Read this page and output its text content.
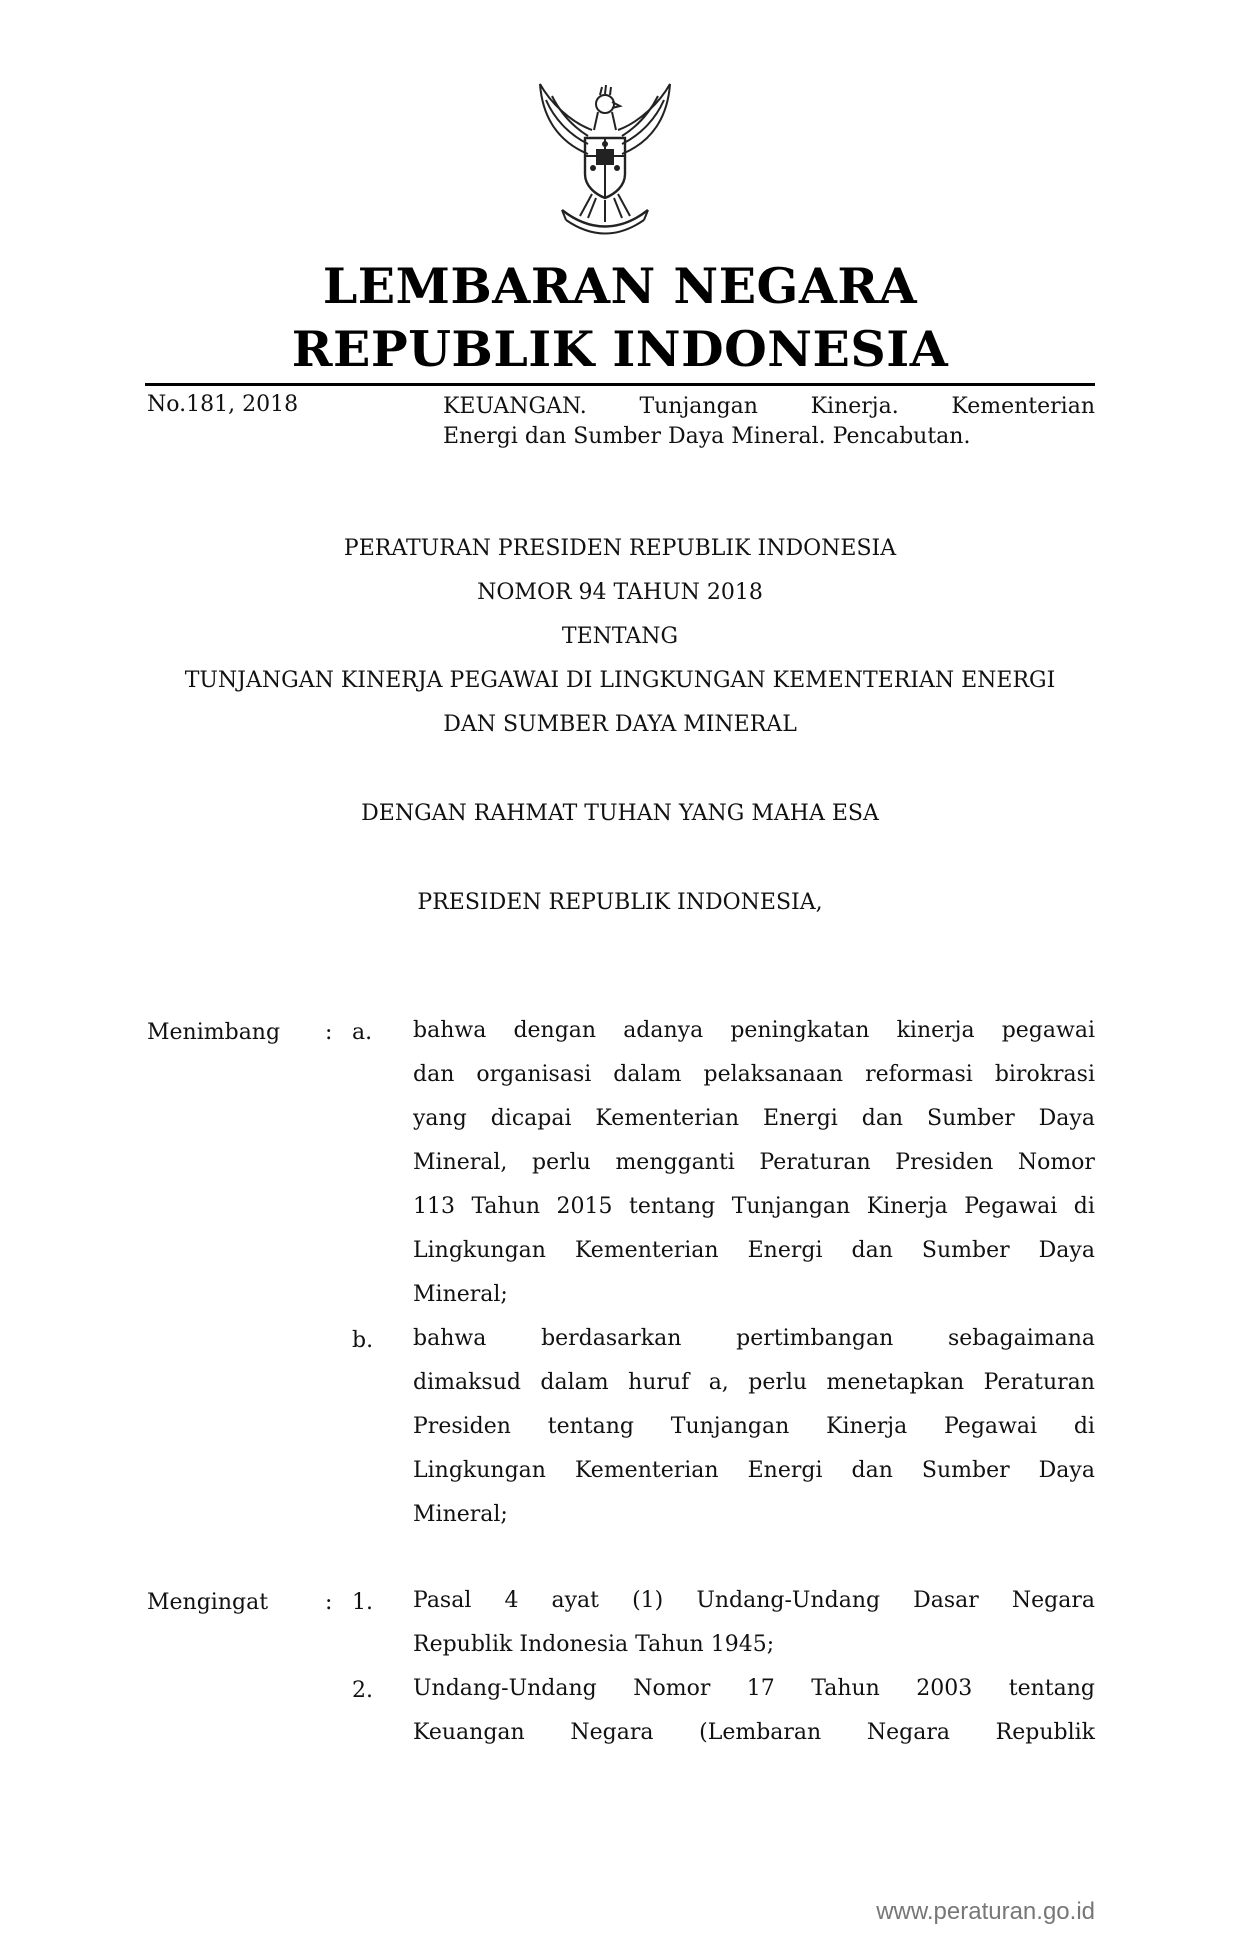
LEMBARAN NEGARA
REPUBLIK INDONESIA
No.181, 2018	KEUANGAN. Tunjangan Kinerja. Kementerian
Energi dan Sumber Daya Mineral. Pencabutan.
PERATURAN PRESIDEN REPUBLIK INDONESIA
NOMOR 94 TAHUN 2018
TENTANG
TUNJANGAN KINERJA PEGAWAI DI LINGKUNGAN KEMENTERIAN ENERGI
DAN SUMBER DAYA MINERAL
DENGAN RAHMAT TUHAN YANG MAHA ESA
PRESIDEN REPUBLIK INDONESIA,
Menimbang : a. bahwa dengan adanya peningkatan kinerja pegawai
dan organisasi dalam pelaksanaan reformasi birokrasi
yang dicapai Kementerian Energi dan Sumber Daya
Mineral, perlu mengganti Peraturan Presiden Nomor
113 Tahun 2015 tentang Tunjangan Kinerja Pegawai di
Lingkungan Kementerian Energi dan Sumber Daya
Mineral;
b. bahwa berdasarkan pertimbangan sebagaimana
dimaksud dalam huruf a, perlu menetapkan Peraturan
Presiden tentang Tunjangan Kinerja Pegawai di
Lingkungan Kementerian Energi dan Sumber Daya
Mineral;
Mengingat	: 1. Pasal 4 ayat (1) Undang-Undang Dasar Negara
Republik Indonesia Tahun 1945;
2. Undang-Undang Nomor 17 Tahun 2003 tentang
Keuangan Negara (Lembaran Negara Republik
www.peraturan.go.id
